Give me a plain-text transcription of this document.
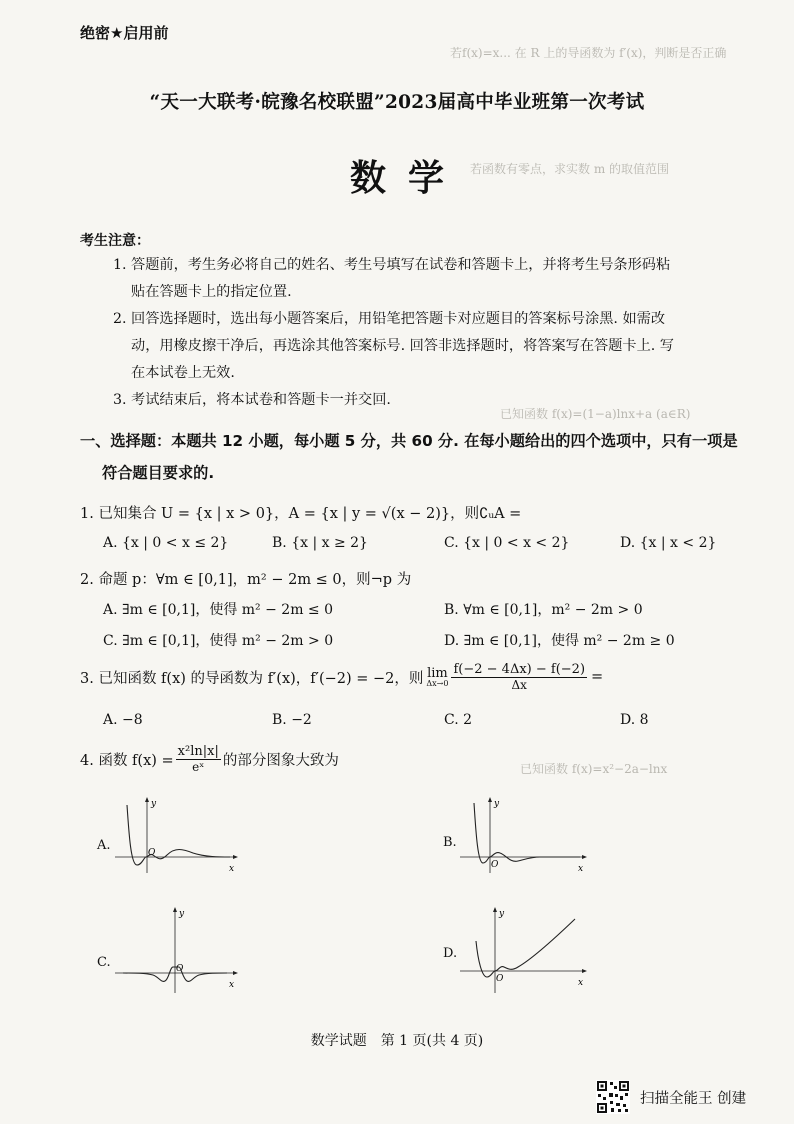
若f(x)=x... 在 R 上的导函数为 f′(x)，判断是否正确
若函数有零点，求实数 m 的取值范围
已知函数 f(x)=(1−a)lnx+a (a∈R)
已知函数 f(x)=x²−2a−lnx
绝密★启用前
“天一大联考·皖豫名校联盟”2023届高中毕业班第一次考试
数学
考生注意：
1. 答题前，考生务必将自己的姓名、考生号填写在试卷和答题卡上，并将考生号条形码粘
贴在答题卡上的指定位置.
2. 回答选择题时，选出每小题答案后，用铅笔把答题卡对应题目的答案标号涂黑. 如需改
动，用橡皮擦干净后，再选涂其他答案标号. 回答非选择题时，将答案写在答题卡上. 写
在本试卷上无效.
3. 考试结束后，将本试卷和答题卡一并交回.
一、选择题：本题共 12 小题，每小题 5 分，共 60 分. 在每小题给出的四个选项中，只有一项是
符合题目要求的.
1. 已知集合 U = {x | x > 0}，A = {x | y = √(x − 2)}，则∁ᵤA =
A. {x | 0 < x ≤ 2}	B. {x | x ≥ 2}	C. {x | 0 < x < 2}	D. {x | x < 2}
2. 命题 p：∀m ∈ [0,1]，m² − 2m ≤ 0，则¬p 为
A. ∃m ∈ [0,1]，使得 m² − 2m ≤ 0	B. ∀m ∈ [0,1]，m² − 2m > 0
C. ∃m ∈ [0,1]，使得 m² − 2m > 0	D. ∃m ∈ [0,1]，使得 m² − 2m ≥ 0
3. 已知函数 f(x) 的导函数为 f′(x)，f′(−2) = −2，则 lim
$\Delta x\to 0 \frac{f(-2 - 4\Delta x) - f(-2)}{\Delta x}$ =
A. −8	B. −2	C. 2	D. 8
4. 函数 $f(x) = \frac{\text{x²ln|x|}}{\text{eˣ}}$ 的部分图象大致为
A.
y
x
O
B.
y
x
O
C.
y
x
O
D.
y
x
O
数学试题　第 1 页(共 4 页)
扫描全能王 创建
